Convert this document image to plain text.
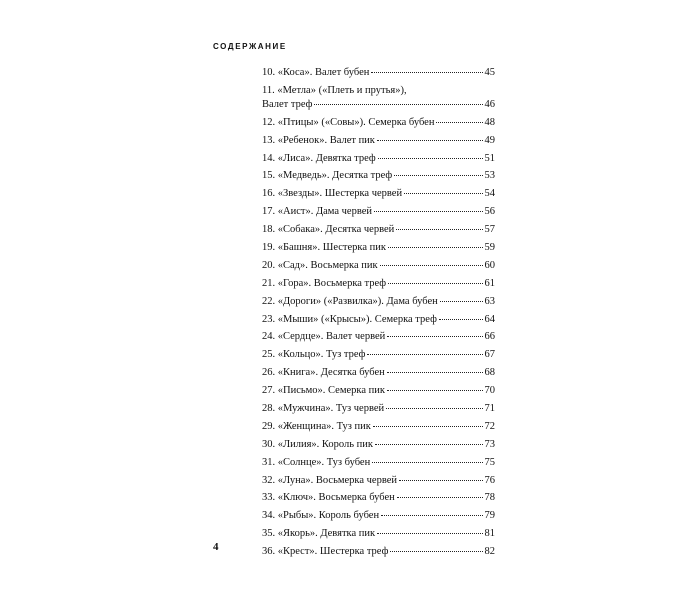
СОДЕРЖАНИЕ
10. «Коса». Валет бубен	45
11. «Метла» («Плеть и прутья»),
Валет треф	46
12. «Птицы» («Совы»). Семерка бубен	48
13. «Ребенок». Валет пик	49
14. «Лиса». Девятка треф	51
15. «Медведь». Десятка треф	53
16. «Звезды». Шестерка червей	54
17. «Аист». Дама червей	56
18. «Собака». Десятка червей	57
19. «Башня». Шестерка пик	59
20. «Сад». Восьмерка пик	60
21. «Гора». Восьмерка треф	61
22. «Дороги» («Развилка»). Дама бубен	63
23. «Мыши» («Крысы»). Семерка треф	64
24. «Сердце». Валет червей	66
25. «Кольцо». Туз треф	67
26. «Книга». Десятка бубен	68
27. «Письмо». Семерка пик	70
28. «Мужчина». Туз червей	71
29. «Женщина». Туз пик	72
30. «Лилия». Король пик	73
31. «Солнце». Туз бубен	75
32. «Луна». Восьмерка червей	76
33. «Ключ». Восьмерка бубен	78
34. «Рыбы». Король бубен	79
35. «Якорь». Девятка пик	81
36. «Крест». Шестерка треф	82
4
